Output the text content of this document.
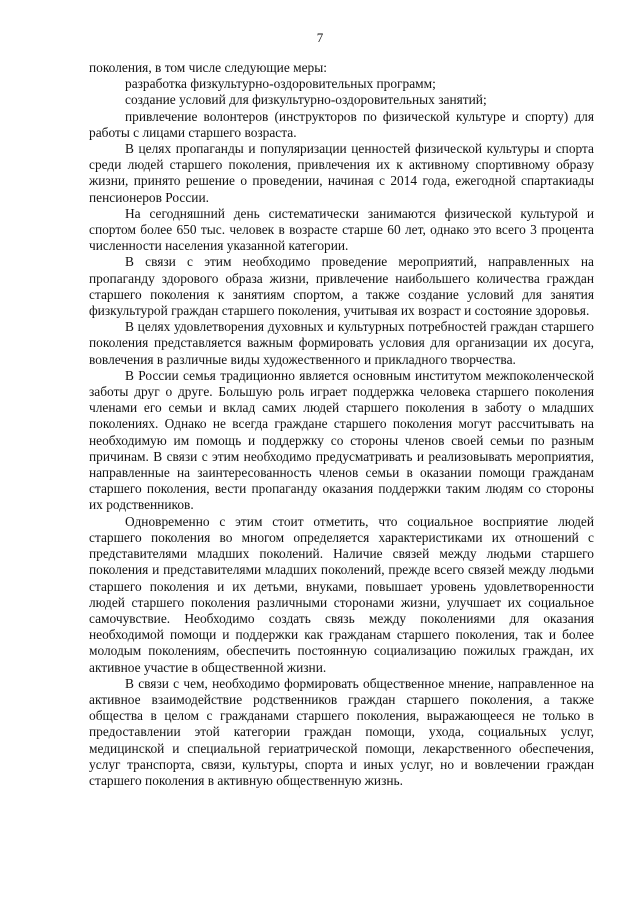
7

поколения, в том числе следующие меры:

разработка физкультурно-оздоровительных программ;

создание условий для физкультурно-оздоровительных занятий;

привлечение волонтеров (инструкторов по физической культуре и спорту) для работы с лицами старшего возраста.

В целях пропаганды и популяризации ценностей физической культуры и спорта среди людей старшего поколения, привлечения их к активному спортивному образу жизни, принято решение о проведении, начиная с 2014 года, ежегодной спартакиады пенсионеров России.

На сегодняшний день систематически занимаются физической культурой и спортом более 650 тыс. человек в возрасте старше 60 лет, однако это всего 3 процента численности населения указанной категории.

В связи с этим необходимо проведение мероприятий, направленных на пропаганду здорового образа жизни, привлечение наибольшего количества граждан старшего поколения к занятиям спортом, а также создание условий для занятия физкультурой граждан старшего поколения, учитывая их возраст и состояние здоровья.

В целях удовлетворения духовных и культурных потребностей граждан старшего поколения представляется важным формировать условия для организации их досуга, вовлечения в различные виды художественного и прикладного творчества.

В России семья традиционно является основным институтом межпоколенческой заботы друг о друге. Большую роль играет поддержка человека старшего поколения членами его семьи и вклад самих людей старшего поколения в заботу о младших поколениях. Однако не всегда граждане старшего поколения могут рассчитывать на необходимую им помощь и поддержку со стороны членов своей семьи по разным причинам. В связи с этим необходимо предусматривать и реализовывать мероприятия, направленные на заинтересованность членов семьи в оказании помощи гражданам старшего поколения, вести пропаганду оказания поддержки таким людям со стороны их родственников.

Одновременно с этим стоит отметить, что социальное восприятие людей старшего поколения во многом определяется характеристиками их отношений с представителями младших поколений. Наличие связей между людьми старшего поколения и представителями младших поколений, прежде всего связей между людьми старшего поколения и их детьми, внуками, повышает уровень удовлетворенности людей старшего поколения различными сторонами жизни, улучшает их социальное самочувствие. Необходимо создать связь между поколениями для оказания необходимой помощи и поддержки как гражданам старшего поколения, так и более молодым поколениям, обеспечить постоянную социализацию пожилых граждан, их активное участие в общественной жизни.

В связи с чем, необходимо формировать общественное мнение, направленное на активное взаимодействие родственников граждан старшего поколения, а также общества в целом с гражданами старшего поколения, выражающееся не только в предоставлении этой категории граждан помощи, ухода, социальных услуг, медицинской и специальной гериатрической помощи, лекарственного обеспечения, услуг транспорта, связи, культуры, спорта и иных услуг, но и вовлечении граждан старшего поколения в активную общественную жизнь.
